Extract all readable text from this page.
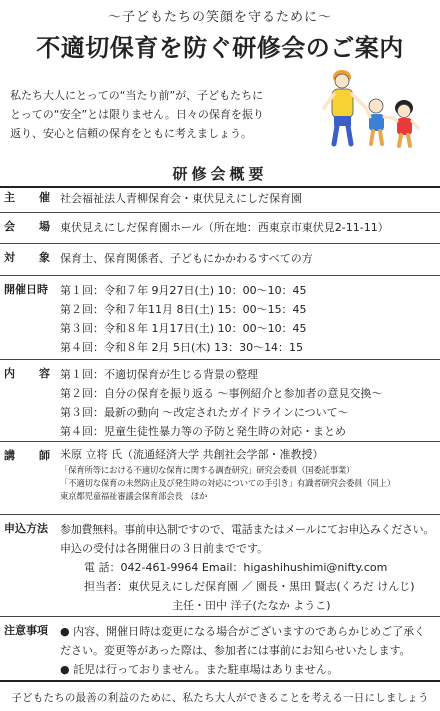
～子どもたちの笑顔を守るために～
不適切保育を防ぐ研修会のご案内
私たち大人にとっての“当たり前”が、子どもたちに
とっての“安全”とは限りません。日々の保育を振り
返り、安心と信頼の保育をともに考えましょう。
研修会概要
主 催 社会福祉法人青柳保育会・東伏見えにしだ保育園
会 場 東伏見えにしだ保育園ホール（所在地：西東京市東伏見2-11-11）
対 象 保育士、保育関係者、子どもにかかわるすべての方
開催日時	第１回：令和７年 9月27日(土) 10：00～10：45
第２回：令和７年11月 8日(土) 15：00～15：45
第３回：令和８年 1月17日(土) 10：00～10：45
第４回：令和８年 2月 5日(木) 13：30～14：15
内 容 第１回：不適切保育が生じる背景の整理
第２回：自分の保育を振り返る ～事例紹介と参加者の意見交換～
第３回：最新の動向 ～改定されたガイドラインについて～
第４回：児童生徒性暴力等の予防と発生時の対応・まとめ
講 師 米原 立将 氏（流通経済大学 共創社会学部・准教授）
「保育所等における不適切な保育に関する調査研究」研究会委員（国委託事業）
「不適切な保育の未然防止及び発生時の対応についての手引き」有識者研究会委員（同上）
東京都児童福祉審議会保育部会長　ほか
申込方法	参加費無料。事前申込制ですので、電話またはメールにてお申込みください。
申込の受付は各開催日の３日前までです。
電 話：042-461-9964 Email：higashihushimi@nifty.com
担当者：東伏見えにしだ保育園 ／ 園長・黒田 賢志(くろだ けんじ)
主任・田中 洋子(たなか ようこ)
注意事項	● 内容、開催日時は変更になる場合がございますのであらかじめご了承ください。変更等があった際は、参加者には事前にお知らせいたします。
● 託児は行っておりません。また駐車場はありません。
子どもたちの最善の利益のために、私たち大人ができることを考える一日にしましょう
